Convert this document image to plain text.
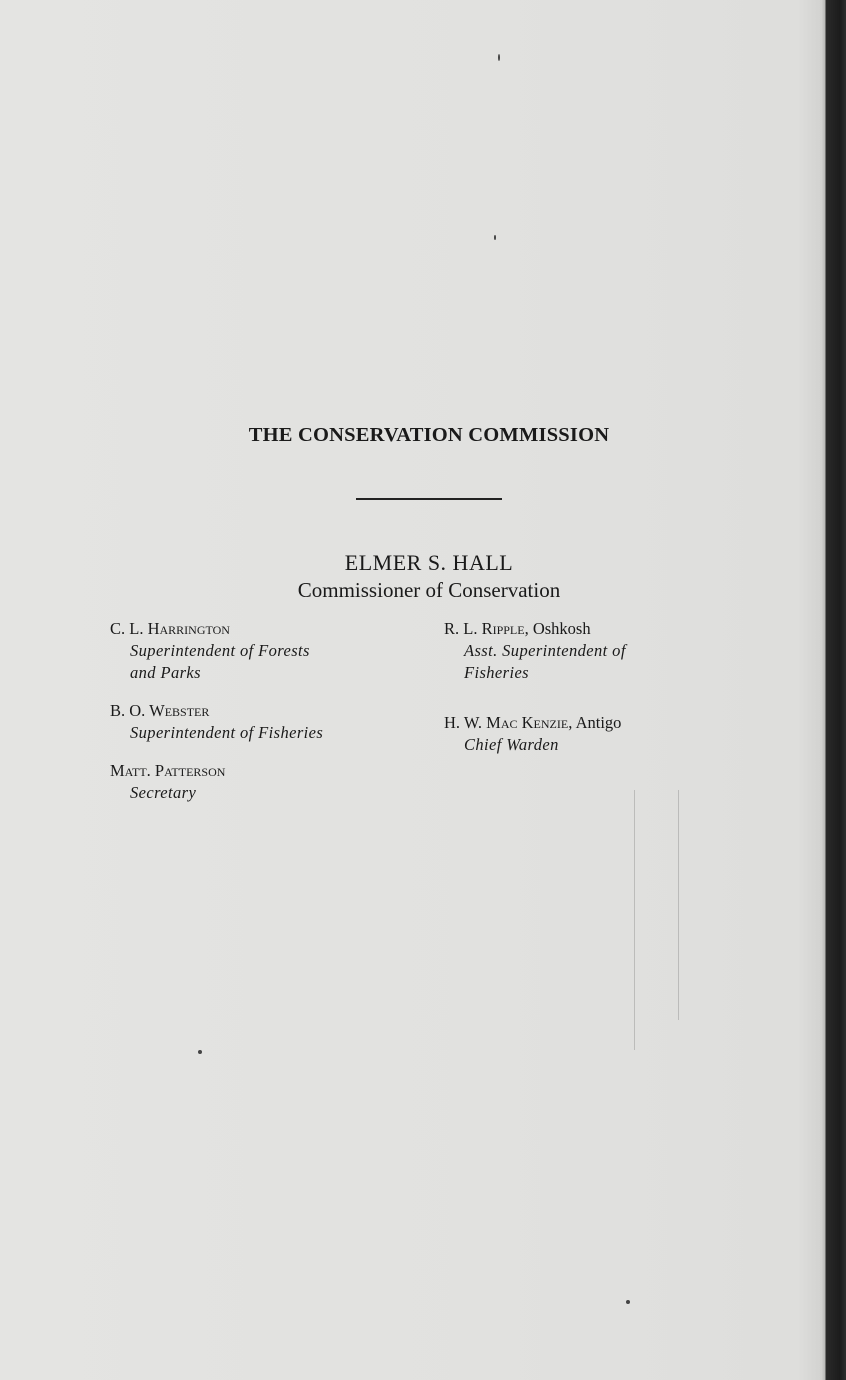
THE CONSERVATION COMMISSION
ELMER S. HALL
Commissioner of Conservation
C. L. Harrington
Superintendent of Forests
and Parks
B. O. Webster
Superintendent of Fisheries
Matt. Patterson
Secretary
R. L. Ripple, Oshkosh
Asst. Superintendent of
Fisheries
H. W. Mac Kenzie, Antigo
Chief Warden
